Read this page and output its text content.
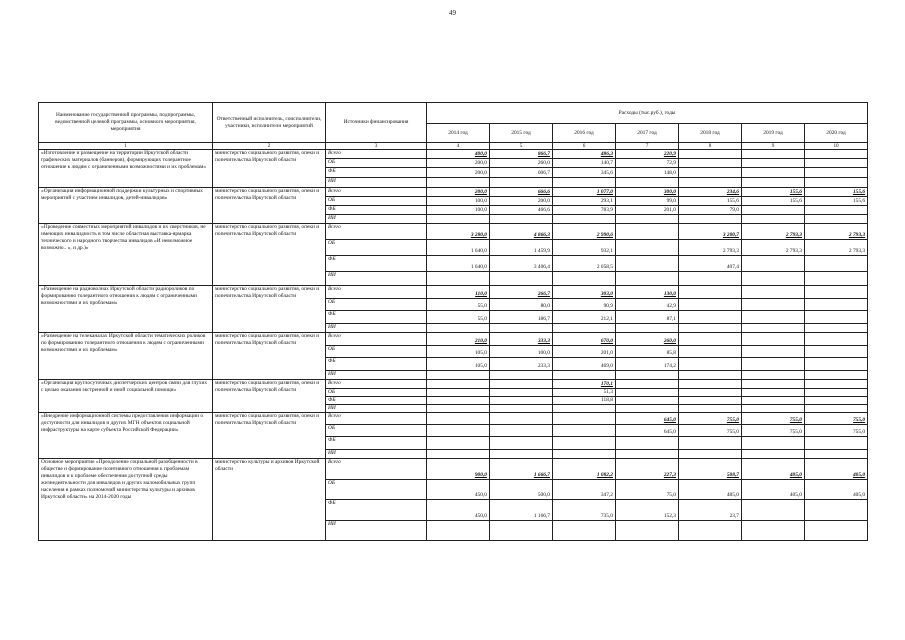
49
Наименование государственной программы, подпрограммы, ведомственной целевой программы, основного мероприятия, мероприятия	Ответственный исполнитель, соисполнители, участники, исполнители мероприятий	Источники финансирования	Расходы (тыс.руб.), годы						
			2014 год	2015 год	2016 год	2017 год	2018 год	2019 год	2020 год
1	2	3	4	5	6	7	8	9	10
«Изготовление и размещение на территории Иркутской области графических материалов (баннеров), формирующих толерантное отношение к людям с ограниченными возможностями и их проблемам»	министерство социального развития, опеки и попечительства Иркутской области	Всего	400,0	866,7	486,3	220,9			
		ОБ	200,0	260,0	140,7	72,9			
		ФБ	200,0	606,7	345,6	148,0			
		ИИ							
«Организация информационной поддержки культурных и спортивных мероприятий с участием инвалидов, детей-инвалидов»	министерство социального развития, опеки и попечительства Иркутской области	Всего	200,0	666,6	1 077,0	300,0	234,6	155,6	155,6
		ОБ	100,0	200,0	293,1	99,0	155,6	155,6	155,6
		ФБ	100,0	466,6	783,9	201,0	79,0		
		ИИ							
«Проведение совместных мероприятий инвалидов и их сверстников, не имеющих инвалидность в том числе областная выставка-ярмарка технического и народного творчества инвалидов «И невозможное возможно.. », и др.)»	министерство социального развития, опеки и попечительства Иркутской области	Всего	3 280,0	4 866,3	2 990,6		3 200,7	2 793,3	2 793,3
		ОБ	1 640,0	1 459,9	932,1		2 793,3	2 793,3	2 793,3
		ФБ	1 640,0	3 406,4	2 058,5		407,4		
		ИИ							
«Размещение на радиоволнах Иркутской области радиороликов по формированию толерантного отношения к людям с ограниченными возможностями и их проблемам»	министерство социального развития, опеки и попечительства Иркутской области	Всего	110,0	266,7	303,0	130,0			
		ОБ	55,0	80,0	90,9	42,9			
		ФБ	55,0	186,7	212,1	87,1			
		ИИ							
«Размещение на телеканалах Иркутской области тематических роликов по формированию толерантного отношения к людям с ограниченными возможностями и их проблемам»	министерство социального развития, опеки и попечительства Иркутской области	Всего	210,0	333,3	670,0	260,0			
		ОБ	105,0	100,0	201,0	85,8			
		ФБ	105,0	233,3	469,0	174,2			
		ИИ							
«Организация круглосуточных диспетчерских центров связи для глухих с целью оказания экстренной и иной социальной помощи»	министерство социального развития, опеки и попечительства Иркутской области	Всего			170,1				
		ОБ			51,3				
		ФБ			118,8				
		ИИ							
«Внедрение информационной системы предоставления информации о доступности для инвалидов и других МГН объектов социальной инфраструктуры на карте субъекта Российской Федерации»	министерство социального развития, опеки и попечительства Иркутской области	Всего				645,0	755,0	755,0	755,0
		ОБ				645,0	755,0	755,0	755,0
		ФБ							
		ИИ							
Основное мероприятие «Преодоление социальной разобщенности в обществе и формирование позитивного отношения к проблемам инвалидов и к проблеме обеспечения доступной среды жизнедеятельности для инвалидов и других маломобильных групп населения в рамках полномочий министерства культуры и архивов Иркутской области» на 2014-2020 годы	министерство культуры и архивов Иркутской области	Всего	900,0	1 666,7	1 082,2	227,3	508,7	405,0	405,0
		ОБ	450,0	500,0	347,2	75,0	485,0	405,0	405,0
		ФБ	450,0	1 166,7	735,0	152,3	23,7		
		ИИ							
